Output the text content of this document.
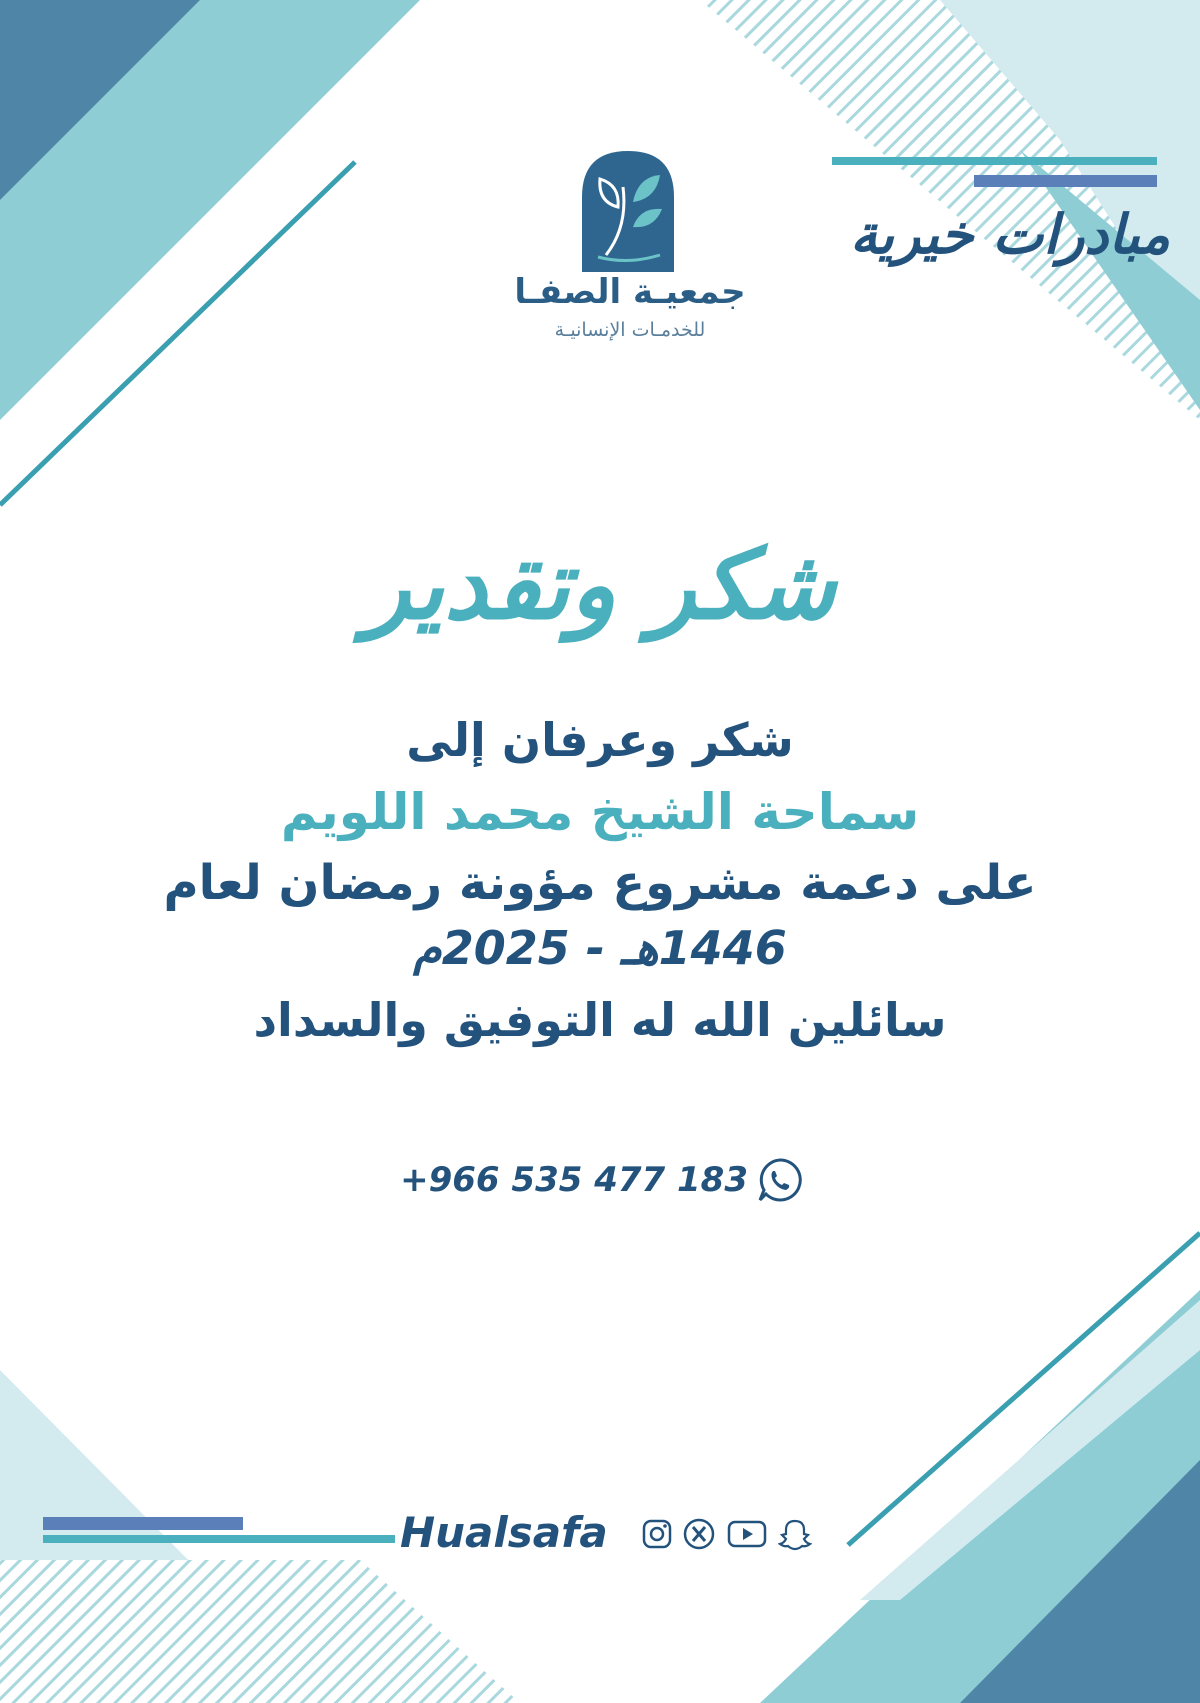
مبادرات خيرية
جمعيـة الصفـا
للخدمـات الإنسانيـة
شكر وتقدير
شكر وعرفان إلى
سماحة الشيخ محمد اللويم
على دعمة مشروع مؤونة رمضان لعام
1446هـ - 2025م
سائلين الله له التوفيق والسداد
+966 535 477 183
Hualsafa
